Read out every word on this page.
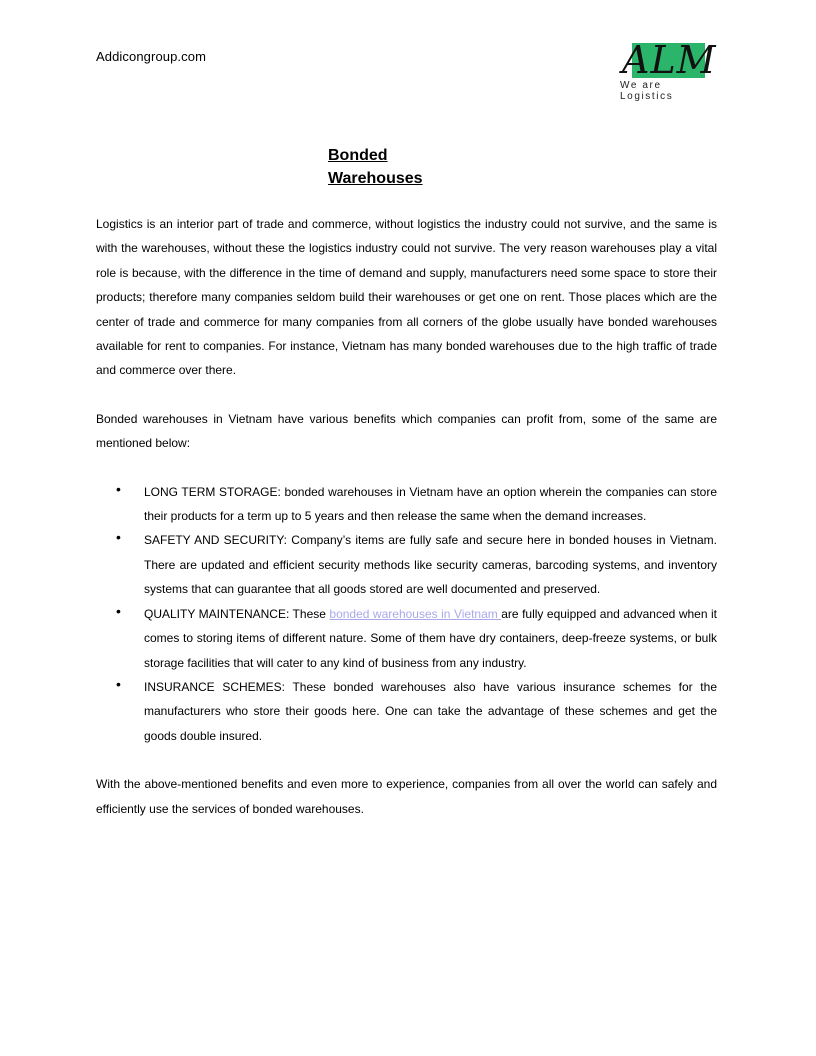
Addicongroup.com	ALM
We are Logistics
Bonded
Warehouses

Logistics is an interior part of trade and commerce, without logistics the industry could not survive, and the same is with the warehouses, without these the logistics industry could not survive. The very reason warehouses play a vital role is because, with the difference in the time of demand and supply, manufacturers need some space to store their products; therefore many companies seldom build their warehouses or get one on rent. Those places which are the center of trade and commerce for many companies from all corners of the globe usually have bonded warehouses available for rent to companies. For instance, Vietnam has many bonded warehouses due to the high traffic of trade and commerce over there.

Bonded warehouses in Vietnam have various benefits which companies can profit from, some of the same are mentioned below:

• LONG TERM STORAGE: bonded warehouses in Vietnam have an option wherein the companies can store their products for a term up to 5 years and then release the same when the demand increases.
• SAFETY AND SECURITY: Company’s items are fully safe and secure here in bonded houses in Vietnam. There are updated and efficient security methods like security cameras, barcoding systems, and inventory systems that can guarantee that all goods stored are well documented and preserved.
• QUALITY MAINTENANCE: These bonded warehouses in Vietnam are fully equipped and advanced when it comes to storing items of different nature. Some of them have dry containers, deep-freeze systems, or bulk storage facilities that will cater to any kind of business from any industry.
• INSURANCE SCHEMES: These bonded warehouses also have various insurance schemes for the manufacturers who store their goods here. One can take the advantage of these schemes and get the goods double insured.

With the above-mentioned benefits and even more to experience, companies from all over the world can safely and efficiently use the services of bonded warehouses.
